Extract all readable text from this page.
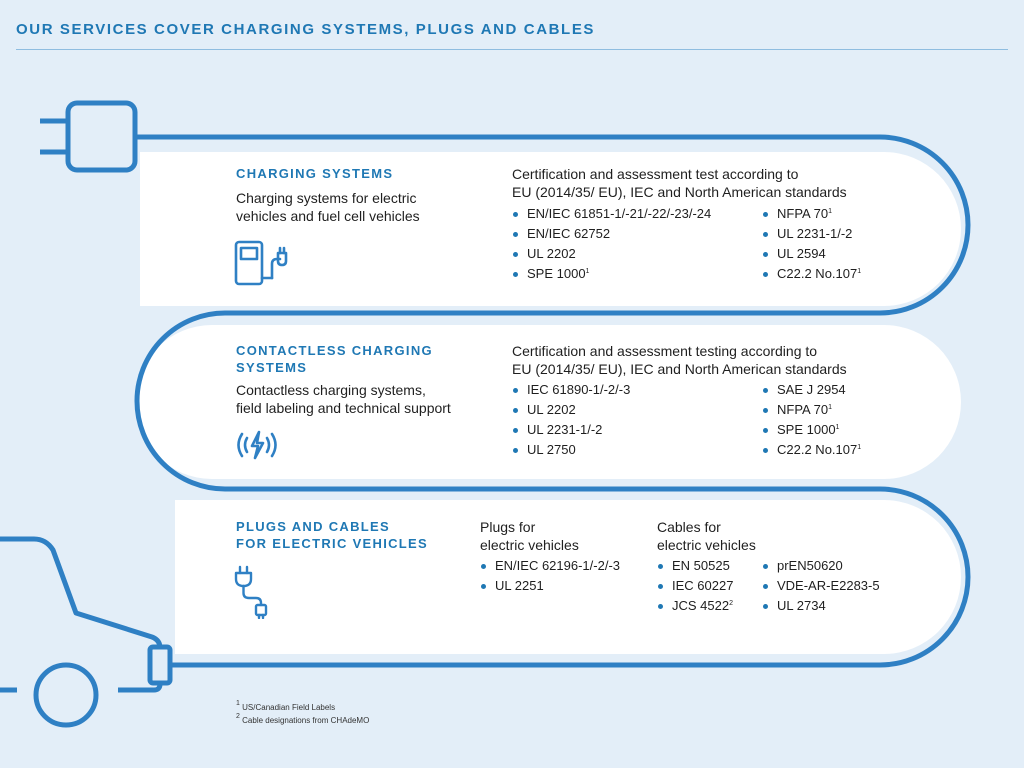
OUR SERVICES COVER CHARGING SYSTEMS, PLUGS AND CABLES
CHARGING SYSTEMS
Charging systems for electric
vehicles and fuel cell vehicles
Certification and assessment test according to
EU (2014/35/ EU), IEC and North American standards
EN/IEC 61851-1/-21/-22/-23/-24
EN/IEC 62752
UL 2202
SPE 1000$^1$
NFPA $70^1$
UL 2231-1/-2
UL 2594
C22.2 No.107$^1$
CONTACTLESS CHARGING
SYSTEMS
Contactless charging systems,
field labeling and technical support
Certification and assessment testing according to
EU (2014/35/ EU), IEC and North American standards
IEC 61890-1/-2/-3
UL 2202
UL 2231-1/-2
UL 2750
SAE J 2954
NFPA $70^1$
SPE 1000$^1$
C22.2 No.107$^1$
PLUGS AND CABLES
FOR ELECTRIC VEHICLES
Plugs for
electric vehicles
EN/IEC 62196-1/-2/-3
UL 2251
Cables for
electric vehicles
EN 50525
IEC 60227
JCS 4522$^2$
prEN50620
VDE-AR-E2283-5
UL 2734
$^1$ US/Canadian Field Labels
$^2$ Cable designations from CHAdeMO
